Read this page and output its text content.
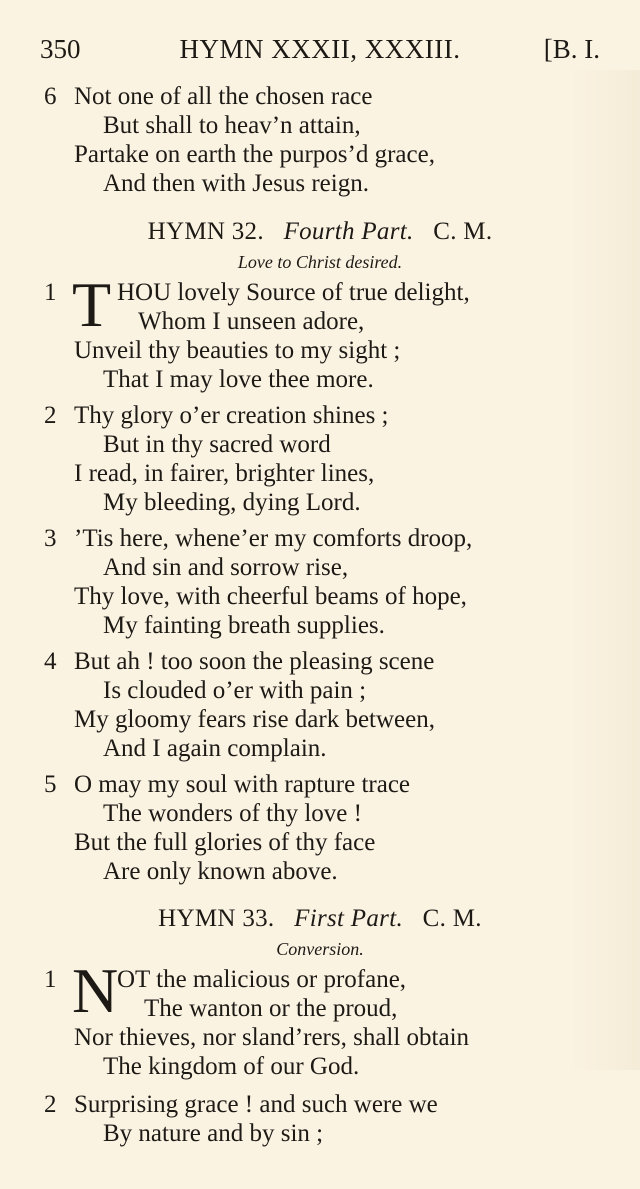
350	HYMN XXXII, XXXIII.	[B. I.
6 Not one of all the chosen race
But shall to heav’n attain,
Partake on earth the purpos’d grace,
And then with Jesus reign.
HYMN 32. Fourth Part. C. M.
Love to Christ desired.
1 T HOU lovely Source of true delight,
Whom I unseen adore,
Unveil thy beauties to my sight ;
That I may love thee more.
2 Thy glory o’er creation shines ;
But in thy sacred word
I read, in fairer, brighter lines,
My bleeding, dying Lord.
3 ’Tis here, whene’er my comforts droop,
And sin and sorrow rise,
Thy love, with cheerful beams of hope,
My fainting breath supplies.
4 But ah ! too soon the pleasing scene
Is clouded o’er with pain ;
My gloomy fears rise dark between,
And I again complain.
5 O may my soul with rapture trace
The wonders of thy love !
But the full glories of thy face
Are only known above.
HYMN 33. First Part. C. M.
Conversion.
1 N
OT the malicious or profane,
The wanton or the proud,
Nor thieves, nor sland’rers, shall obtain
The kingdom of our God.
2 Surprising grace ! and such were we
By nature and by sin ;
